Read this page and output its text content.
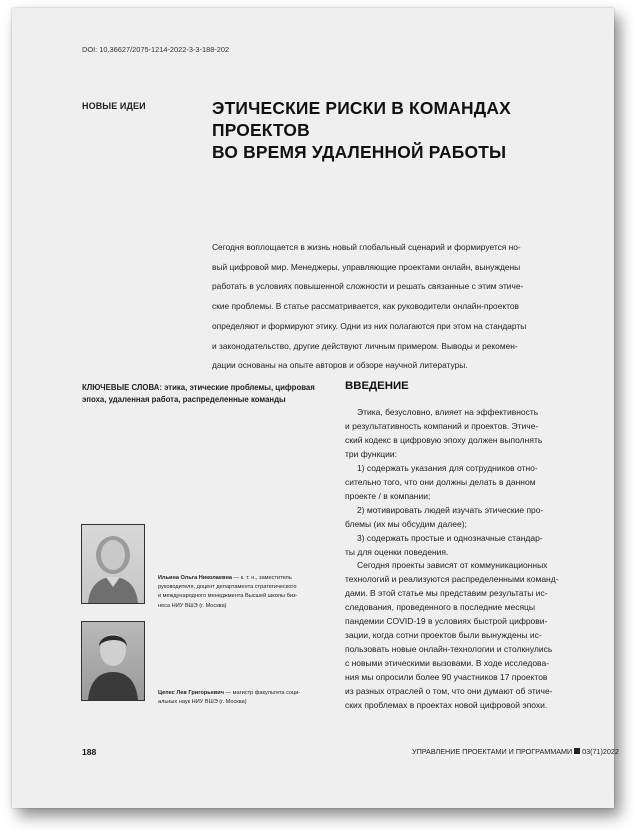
DOI: 10.36627/2075-1214-2022-3-3-188-202
НОВЫЕ ИДЕИ	ЭТИЧЕСКИЕ РИСКИ В КОМАНДАХ ПРОЕКТОВ
ВО ВРЕМЯ УДАЛЕННОЙ РАБОТЫ
Сегодня воплощается в жизнь новый глобальный сценарий и формируется но-
вый цифровой мир. Менеджеры, управляющие проектами онлайн, вынуждены
работать в условиях повышенной сложности и решать связанные с этим этиче-
ские проблемы. В статье рассматривается, как руководители онлайн-проектов
определяют и формируют этику. Одни из них полагаются при этом на стандарты
и законодательство, другие действуют личным примером. Выводы и рекомен-
дации основаны на опыте авторов и обзоре научной литературы.
КЛЮЧЕВЫЕ СЛОВА: этика, этические проблемы, цифровая
эпоха, удаленная работа, распределенные команды
ВВЕДЕНИЕ
Этика, безусловно, влияет на эффективность
и результативность компаний и проектов. Этиче-
ский кодекс в цифровую эпоху должен выполнять
три функции:
1) содержать указания для сотрудников отно-
сительно того, что они должны делать в данном
проекте / в компании;
2) мотивировать людей изучать этические про-
блемы (их мы обсудим далее);
3) содержать простые и однозначные стандар-
ты для оценки поведения.
Сегодня проекты зависят от коммуникационных
технологий и реализуются распределенными команд-
дами. В этой статье мы представим результаты ис-
следования, проведенного в последние месяцы
пандемии COVID-19 в условиях быстрой цифрови-
зации, когда сотни проектов были вынуждены ис-
пользовать новые онлайн-технологии и столкнулись
с новыми этическими вызовами. В ходе исследова-
ния мы опросили более 90 участников 17 проектов
из разных отраслей о том, что они думают об этиче-
ских проблемах в проектах новой цифровой эпохи.
Ильина Ольга Николаевна — к. т. н., заместитель
руководителя, доцент департамента стратегического
и международного менеджмента Высшей школы биз-
неса НИУ ВШЭ (г. Москва)
Цепес Лев Григорьевич — магистр факультета соци-
альных наук НИУ ВШЭ (г. Москва)
188	УПРАВЛЕНИЕ ПРОЕКТАМИ И ПРОГРАММАМИ 03(71)2022
